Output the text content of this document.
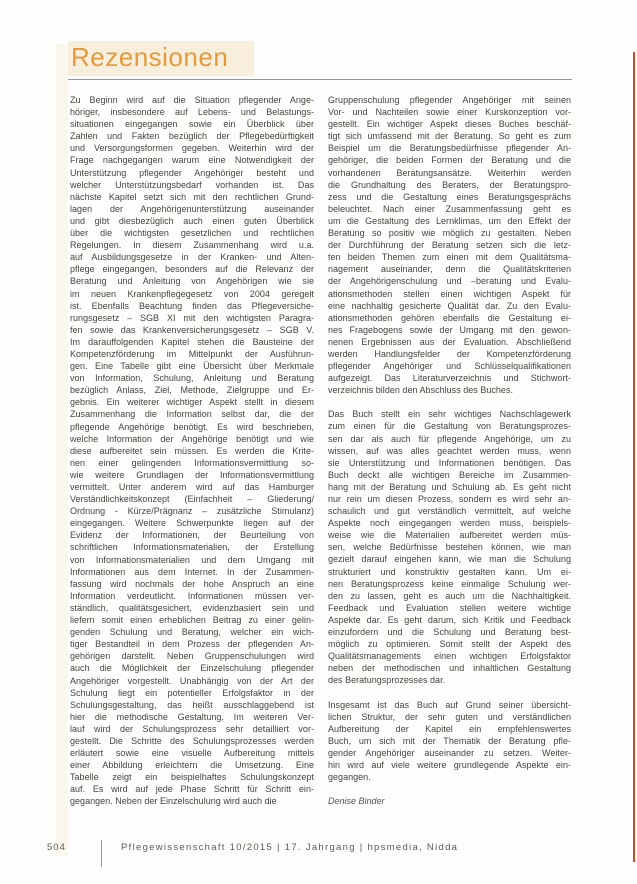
Rezensionen
Zu Beginn wird auf die Situation pflegender Ange-
höriger, insbesondere auf Lebens- und Belastungs-
situationen eingegangen sowie ein Überblick über
Zahlen und Fakten bezüglich der Pflegebedürftigkeit
und Versorgungsformen gegeben. Weiterhin wird der
Frage nachgegangen warum eine Notwendigkeit der
Unterstützung pflegender Angehöriger besteht und
welcher Unterstützungsbedarf vorhanden ist. Das
nächste Kapitel setzt sich mit den rechtlichen Grund-
lagen der Angehörigenunterstützung auseinander
und gibt diesbezüglich auch einen guten Überblick
über die wichtigsten gesetzlichen und rechtlichen
Regelungen. In diesem Zusammenhang wird u.a.
auf Ausbildungsgesetze in der Kranken- und Alten-
pflege eingegangen, besonders auf die Relevanz der
Beratung und Anleitung von Angehörigen wie sie
im neuen Krankenpflegegesetz von 2004 geregelt
ist. Ebenfalls Beachtung finden das Pflegeversiche-
rungsgesetz – SGB XI mit den wichtigsten Paragra-
fen sowie das Krankenversicherungsgesetz – SGB V.
Im darauffolgenden Kapitel stehen die Bausteine der
Kompetenzförderung im Mittelpunkt der Ausführun-
gen. Eine Tabelle gibt eine Übersicht über Merkmale
von Information, Schulung, Anleitung und Beratung
bezüglich Anlass, Ziel, Methode, Zielgruppe und Er-
gebnis. Ein weiterer wichtiger Aspekt stellt in diesem
Zusammenhang die Information selbst dar, die der
pflegende Angehörige benötigt. Es wird beschrieben,
welche Information der Angehörige benötigt und wie
diese aufbereitet sein müssen. Es werden die Krite-
rien einer gelingenden Informationsvermittlung so-
wie weitere Grundlagen der Informationsvermittlung
vermittelt. Unter anderem wird auf das Hamburger
Verständlichkeitskonzept (Einfachheit – Gliederung/
Ordnung - Kürze/Prägnanz – zusätzliche Stimulanz)
eingegangen. Weitere Schwerpunkte liegen auf der
Evidenz der Informationen, der Beurteilung von
schriftlichen Informationsmaterialien, der Erstellung
von Informationsmaterialien und dem Umgang mit
Informationen aus dem Internet. In der Zusammen-
fassung wird nochmals der hohe Anspruch an eine
Information verdeutlicht. Informationen müssen ver-
ständlich, qualitätsgesichert, evidenzbasiert sein und
liefern somit einen erheblichen Beitrag zu einer gelin-
genden Schulung und Beratung, welcher ein wich-
tiger Bestandteil in dem Prozess der pflegenden An-
gehörigen darstellt. Neben Gruppenschulungen wird
auch die Möglichkeit der Einzelschulung pflegender
Angehöriger vorgestellt. Unabhängig von der Art der
Schulung liegt ein potentieller Erfolgsfaktor in der
Schulungsgestaltung, das heißt ausschlaggebend ist
hier die methodische Gestaltung. Im weiteren Ver-
lauf wird der Schulungsprozess sehr detailliert vor-
gestellt. Die Schritte des Schulungsprozesses werden
erläutert sowie eine visuelle Aufbereitung mittels
einer Abbildung erleichtern die Umsetzung. Eine
Tabelle zeigt ein beispielhaftes Schulungskonzept
auf. Es wird auf jede Phase Schritt für Schritt ein-
gegangen. Neben der Einzelschulung wird auch die
Gruppenschulung pflegender Angehöriger mit seinen
Vor- und Nachteilen sowie einer Kurskonzeption vor-
gestellt. Ein wichtiger Aspekt dieses Buches beschäf-
tigt sich umfassend mit der Beratung. So geht es zum
Beispiel um die Beratungsbedürfnisse pflegender An-
gehöriger, die beiden Formen der Beratung und die
vorhandenen Beratungsansätze. Weiterhin werden
die Grundhaltung des Beraters, der Beratungspro-
zess und die Gestaltung eines Beratungsgesprächs
beleuchtet. Nach einer Zusammenfassung geht es
um die Gestaltung des Lernklimas, um den Effekt der
Beratung so positiv wie möglich zu gestalten. Neben
der Durchführung der Beratung setzen sich die letz-
ten beiden Themen zum einen mit dem Qualitätsma-
nagement auseinander, denn die Qualitätskriterien
der Angehörigenschulung und –beratung und Evalu-
ationsmethoden stellen einen wichtigen Aspekt für
eine nachhaltig gesicherte Qualität dar. Zu den Evalu-
ationsmethoden gehören ebenfalls die Gestaltung ei-
nes Fragebogens sowie der Umgang mit den gewon-
nenen Ergebnissen aus der Evaluation. Abschließend
werden Handlungsfelder der Kompetenzförderung
pflegender Angehöriger und Schlüsselqualifikationen
aufgezeigt. Das Literaturverzeichnis und Stichwort-
verzeichnis bilden den Abschluss des Buches.
Das Buch stellt ein sehr wichtiges Nachschlagewerk
zum einen für die Gestaltung von Beratungsprozes-
sen dar als auch für pflegende Angehörige, um zu
wissen, auf was alles geachtet werden muss, wenn
sie Unterstützung und Informationen benötigen. Das
Buch deckt alle wichtigen Bereiche im Zusammen-
hang mit der Beratung und Schulung ab. Es geht nicht
nur rein um diesen Prozess, sondern es wird sehr an-
schaulich und gut verständlich vermittelt, auf welche
Aspekte noch eingegangen werden muss, beispiels-
weise wie die Materialien aufbereitet werden müs-
sen, welche Bedürfnisse bestehen können, wie man
gezielt darauf eingehen kann, wie man die Schulung
strukturiert und konstruktiv gestalten kann. Um ei-
nen Beratungsprozess keine einmalige Schulung wer-
den zu lassen, geht es auch um die Nachhaltigkeit.
Feedback und Evaluation stellen weitere wichtige
Aspekte dar. Es geht darum, sich Kritik und Feedback
einzufordern und die Schulung und Beratung best-
möglich zu optimieren. Somit stellt der Aspekt des
Qualitätsmanagements einen wichtigen Erfolgsfaktor
neben der methodischen und inhaltlichen Gestaltung
des Beratungsprozesses dar.
Insgesamt ist das Buch auf Grund seiner übersicht-
lichen Struktur, der sehr guten und verständlichen
Aufbereitung der Kapitel ein empfehlenswertes
Buch, um sich mit der Thematik der Beratung pfle-
gender Angehöriger auseinander zu setzen. Weiter-
hin wird auf viele weitere grundlegende Aspekte ein-
gegangen.
Denise Binder
504	Pflegewissenschaft 10/2015 | 17. Jahrgang | hpsmedia, Nidda
